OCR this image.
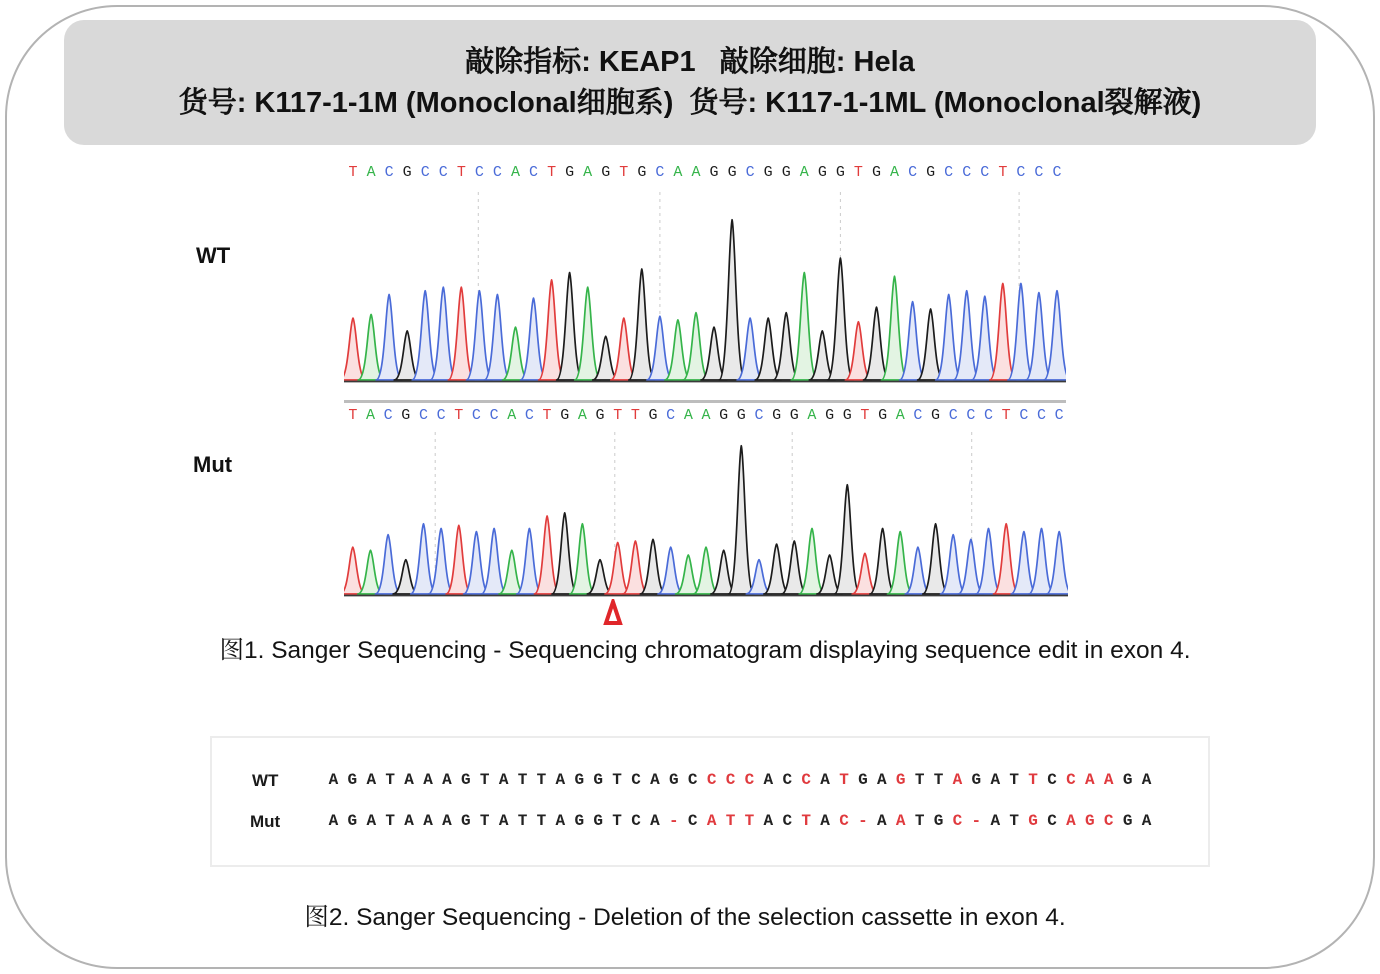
敲除指标: KEAP1   敲除细胞: Hela
货号: K117-1-1M (Monoclonal细胞系)  货号: K117-1-1ML (Monoclonal裂解液)
WT
T A C G C C T C C A C T G A G T G C A A G G C G G A G G T G A C G C C C T C C C
Mut
T A C G C C T C C A C T G A G T T G C A A G G C G G A G G T G A C G C C C T C C C
图1. Sanger Sequencing - Sequencing chromatogram displaying sequence edit in exon 4.
WT	A G A T A A A G T A T T A G G T C A G C C C C A C C A T G A G T T A G A T T C C A A G A
Mut	A G A T A A A G T A T T A G G T C A - C A T T A C T A C - A A T G C - A T G C A G C G A
图2. Sanger Sequencing - Deletion of the selection cassette in exon 4.
